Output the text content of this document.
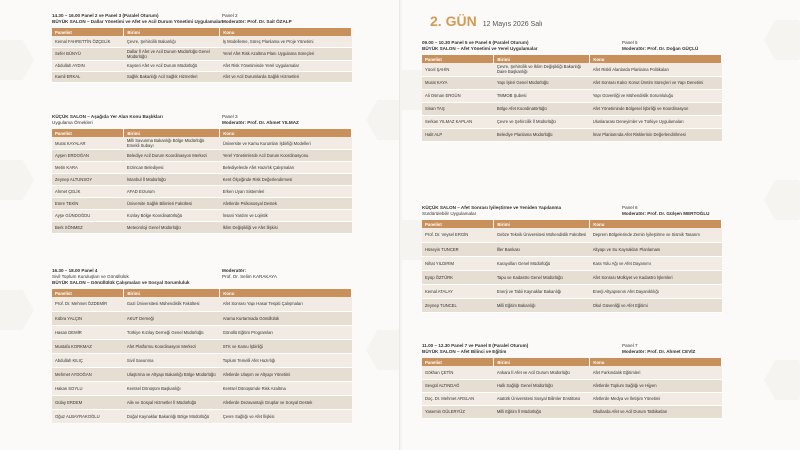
14.30 – 16.00 Panel 2 ve Panel 3 (Paralel Oturum)
BÜYÜK SALON – Dallar Yönetimi ve Afet ve Acil Durum Yönetimi Uygulamaları
Panel 2
Moderatör: Prof. Dr. Sait ÖZALP
Panelist	Birimi	Konu
Kemal FAHRETTİN ÖZÇELİK	Çevre, Şehircilik Bakanlığı	İş Modelleme, Süreç Planlama ve Proje Yönetimi
Sefer BÜNYÜ	Dallar İl Afet ve Acil Durum Müdürlüğü Genel Müdürlüğü	Yerel Afet Risk Azaltma Planı Uygulama Süreçleri
Abdullah AYDIN	Kayseri Afet ve Acil Durum Müdürlüğü	Afet Risk Yönetiminde Yerel Uygulamalar
Kamil ERKAL	Sağlık Bakanlığı Acil Sağlık Hizmetleri	Afet ve Acil Durumlarda Sağlık Hizmetleri
KÜÇÜK SALON – Aşağıda Yer Alan Konu Başlıkları
Uygulama Örnekleri
Panel 3
Moderatör: Prof. Dr. Ahmet YILMAZ
Panelist	Birimi	Konu
Murat KAYALAR	Milli Savunma Bakanlığı Bölge Müdürlüğü Emekli Subayı	Üniversite ve Kamu Kurumları İşbirliği Modelleri
Ayşen ERDOĞAN	Belediye Acil Durum Koordinasyon Merkezi	Yerel Yönetimlerde Acil Durum Koordinasyonu
Metin KARA	Erzincan Belediyesi	Belediyelerde Afet Hazırlık Çalışmaları
Zeynep ALTUNSOY	İstanbul İl Müdürlüğü	Kent Ölçeğinde Risk Değerlendirmesi
Ahmet ÇELİK	AFAD Erzurum	Erken Uyarı Sistemleri
Emre TEKİN	Üniversite Sağlık Bilimleri Fakültesi	Afetlerde Psikososyal Destek
Ayşe GÜNDOĞDU	Kızılay Bölge Koordinatörlüğü	İnsani Yardım ve Lojistik
Berk SÖNMEZ	Meteoroloji Genel Müdürlüğü	İklim Değişikliği ve Afet İlişkisi
16.30 – 18.00 Panel 4
Sivil Toplum Kuruluşları ve Gönüllülük
BÜYÜK SALON – Gönüllülük Çalışmaları ve Sosyal Sorumluluk
Moderatör:
Prof. Dr. Selim KARAKAYA
Panelist	Birimi	Konu
Prof. Dr. Mehmet ÖZDEMİR	Gazi Üniversitesi Mühendislik Fakültesi	Afet Sonrası Yapı Hasar Tespiti Çalışmaları
Kübra YALÇIN	AKUT Derneği	Arama Kurtarmada Gönüllülük
Hasan DEMİR	Türkiye Kızılay Derneği Genel Müdürlüğü	Gönüllü Eğitim Programları
Mustafa KORKMAZ	Afet Platformu Koordinasyon Merkezi	STK ve Kamu İşbirliği
Abdullah KILIÇ	Sivil Savunma	Toplum Temelli Afet Hazırlığı
Mehmet AYDOĞAN	Ulaştırma ve Altyapı Bakanlığı Bölge Müdürlüğü	Afetlerde Ulaşım ve Altyapı Yönetimi
Hakan SOYLU	Kentsel Dönüşüm Başkanlığı	Kentsel Dönüşümde Risk Azaltma
Gülay ERDEM	Aile ve Sosyal Hizmetler İl Müdürlüğü	Afetlerde Dezavantajlı Gruplar ve Sosyal Destek
Oğuz ALBAYRAKOĞLU	Doğal Kaynaklar Bakanlığı Bölge Müdürlüğü	Çevre Sağlığı ve Afet İlişkisi
2. GÜN 12 Mayıs 2026 Salı
09.00 – 10.30 Panel 5 ve Panel 6 (Paralel Oturum)
BÜYÜK SALON – Afet Yönetimi ve Yerel Uygulamalar
Panel 5
Moderatör: Prof. Dr. Doğan GÜÇLÜ
Panelist	Birimi	Konu
Yücel ŞAHİN	Çevre, Şehircilik ve İklim Değişikliği Bakanlığı Daire Başkanlığı	Afet Riskli Alanlarda Planlama Politikaları
Murat KAYA	Yapı İşleri Genel Müdürlüğü	Afet Sonrası Kalıcı Konut Üretim Süreçleri ve Yapı Denetimi
Ali Osman ERGÜN	TMMOB Şubesi	Yapı Güvenliği ve Mühendislik Sorumluluğu
Sinan TAŞ	Bölge Afet Koordinatörlüğü	Afet Yönetiminde Bölgesel İşbirliği ve Koordinasyon
Serkan YILMAZ KAPLAN	Çevre ve Şehircilik İl Müdürlüğü	Uluslararası Deneyimler ve Türkiye Uygulamaları
Halit ALP	Belediye Planlama Müdürlüğü	İmar Planlarında Afet Risklerinin Değerlendirilmesi
KÜÇÜK SALON – Afet Sonrası İyileştirme ve Yeniden Yapılanma
Sürdürülebilir Uygulamalar
Panel 6
Moderatör: Prof. Dr. Gülşen MERTOĞLU
Panelist	Birimi	Konu
Prof. Dr. Veysel ERGİN	Gebze Teknik Üniversitesi Mühendislik Fakültesi	Deprem Bölgelerinde Zemin İyileştirme ve Sismik Tasarım
Hüseyin TUNCER	İller Bankası	Altyapı ve Su Kaynakları Planlaması
Nihat YILDIRIM	Karayolları Genel Müdürlüğü	Kara Yolu Ağı ve Afet Dayanımı
Eyüp ÖZTÜRK	Tapu ve Kadastro Genel Müdürlüğü	Afet Sonrası Mülkiyet ve Kadastro İşlemleri
Kemal ATALAY	Enerji ve Tabii Kaynaklar Bakanlığı	Enerji Altyapısının Afet Dayanıklılığı
Zeynep TUNCEL	Milli Eğitim Bakanlığı	Okul Güvenliği ve Afet Eğitimi
11.00 – 12.30 Panel 7 ve Panel 8 (Paralel Oturum)
BÜYÜK SALON – Afet Bilinci ve Eğitim
Panel 7
Moderatör: Prof. Dr. Ahmet CEVİZ
Panelist	Birimi	Konu
Gökhan ÇETİN	Ankara İl Afet ve Acil Durum Müdürlüğü	Afet Farkındalık Eğitimleri
Sevgül ALTINDAĞ	Halk Sağlığı Genel Müdürlüğü	Afetlerde Toplum Sağlığı ve Hijyen
Doç. Dr. Mehmet ARSLAN	Atatürk Üniversitesi Sosyal Bilimler Enstitüsü	Afetlerde Medya ve İletişim Yönetimi
Yasemin GÜLERYÜZ	Milli Eğitim İl Müdürlüğü	Okullarda Afet ve Acil Durum Tatbikatları
